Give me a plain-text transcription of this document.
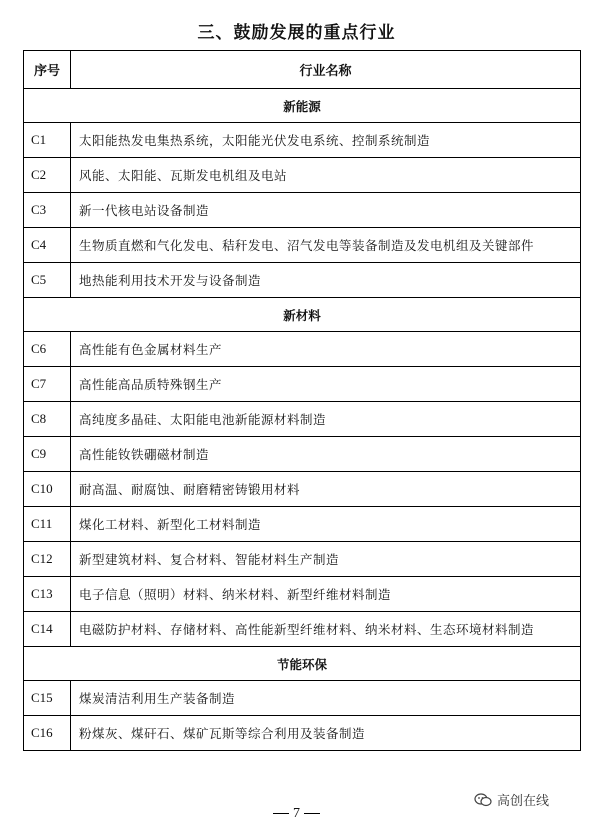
三、鼓励发展的重点行业
序号	行业名称
新能源	
C1	太阳能热发电集热系统，太阳能光伏发电系统、控制系统制造
C2	风能、太阳能、瓦斯发电机组及电站
C3	新一代核电站设备制造
C4	生物质直燃和气化发电、秸秆发电、沼气发电等装备制造及发电机组及关键部件
C5	地热能利用技术开发与设备制造
新材料	
C6	高性能有色金属材料生产
C7	高性能高品质特殊钢生产
C8	高纯度多晶硅、太阳能电池新能源材料制造
C9	高性能钕铁硼磁材制造
C10	耐高温、耐腐蚀、耐磨精密铸锻用材料
C11	煤化工材料、新型化工材料制造
C12	新型建筑材料、复合材料、智能材料生产制造
C13	电子信息（照明）材料、纳米材料、新型纤维材料制造
C14	电磁防护材料、存储材料、高性能新型纤维材料、纳米材料、生态环境材料制造
节能环保	
C15	煤炭清洁利用生产装备制造
C16	粉煤灰、煤矸石、煤矿瓦斯等综合利用及装备制造
高创在线
7
